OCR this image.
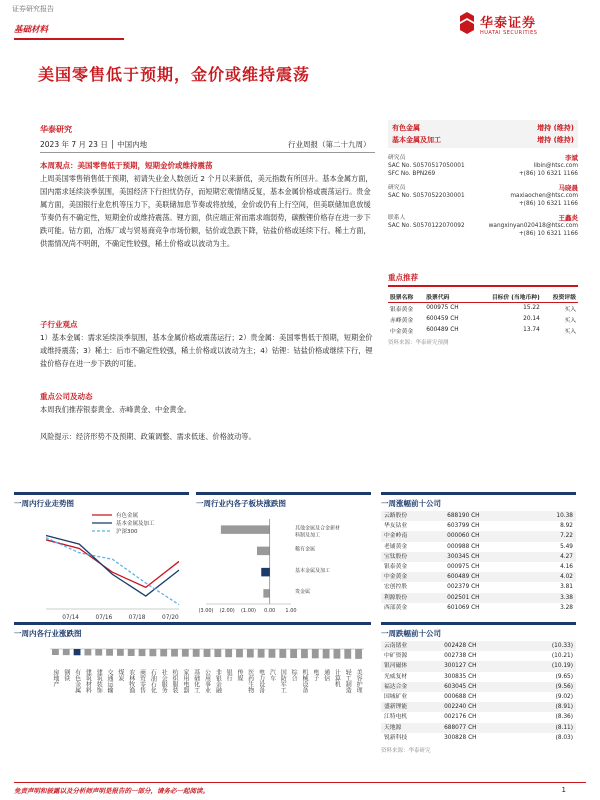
证券研究报告
基础材料	华泰证券
HUATAI SECURITIES
美国零售低于预期，金价或维持震荡
华泰研究
2023 年 7 月 23 日 │ 中国内地	行业周报（第二十九周）
有色金属	增持 (维持)
基本金属及加工	增持 (维持)
研究员	李斌
SAC No. S0570517050001	libin@htsc.com
SFC No. BPN269	+(86) 10 6321 1166
研究员	马晓晨
SAC No. S0570522030001	maxiaochen@htsc.com
+(86) 10 6321 1166
联系人	王鑫炎
SAC No. S0570122070092	wangxinyan020418@htsc.com
+(86) 10 6321 1166
重点推荐
股票名称	股票代码	目标价 (当地币种)	投资评级
银泰黄金	000975 CH	15.22	买入
赤峰黄金	600459 CH	20.14	买入
中金黄金	600489 CH	13.74	买入
资料来源：华泰研究预测
本周观点：美国零售低于预期，短期金价或维持震荡
上周美国零售销售低于预期，初请失业金人数创近 2 个月以来新低，美元指数有所回升。基本金属方面，国内需求延续淡季氛围，美国经济下行担忧仍存，而短期宏观情绪反复，基本金属价格或震荡运行。贵金属方面，美国银行业危机等压力下，美联储加息节奏或将放缓，金价或仍有上行空间，但美联储加息放缓节奏仍有不确定性，短期金价或维持震荡。锂方面，供应端正常而需求端弱势，碳酸锂价格存在进一步下跌可能。钴方面，冶炼厂或与贸易商竞争市场份额，钴价或急跌下降，钴盐价格或延续下行。稀土方面，供需情况尚不明朗，不确定性较强，稀土价格或以波动为主。
子行业观点
1）基本金属：需求延续淡季氛围，基本金属价格或震荡运行；2）贵金属：美国零售低于预期，短期金价或维持震荡；3）稀土：后市不确定性较强，稀土价格或以波动为主；4）钴锂：钴盐价格或继续下行，锂盐价格存在进一步下跌的可能。
重点公司及动态
本周我们推荐银泰黄金、赤峰黄金、中金黄金。
风险提示：经济形势不及预期、政策调整、需求低迷、价格波动等。
一周内行业走势图
有色金属
基本金属及加工
沪深300
07/14	07/16	07/18	07/20
一周行业内各子板块涨跌图
其他金属及合金新材
料制及加工
稀有金属
基本金属及加工
贵金属
(3.00) (2.00) (1.00) 0.00 1.00
一周内各行业涨跌图
房地产 钢铁 有色金属 建筑材料 建筑装饰 交通运输 煤炭 农林牧渔 商贸零售 石油石化 社会服务 纺织服装 家用电器 基础化工 公用事业 非银金融 银行 传媒 医药生物 电力设备 汽车 国防军工 综合 机械设备 电子 通信 计算机 轻工制造 美容护理
一周涨幅前十公司
云路股份	688190 CH	10.38
华友钴业	603799 CH	8.92
中金岭南	000060 CH	7.22
老铺黄金	000988 CH	5.49
宝钛股份	300345 CH	4.27
银泰黄金	000975 CH	4.16
中金黄金	600489 CH	4.02
宏创控股	002379 CH	3.81
利源股份	002501 CH	3.38
西部黄金	601069 CH	3.28
一周跌幅前十公司
云南锗业	002428 CH	(10.33)
中矿资源	002738 CH	(10.21)
银河磁体	300127 CH	(10.19)
光威复材	300835 CH	(9.65)
福达合金	603045 CH	(9.56)
国城矿业	000688 CH	(9.02)
盛新锂能	002240 CH	(8.91)
江特电机	002176 CH	(8.36)
天地源	688077 CH	(8.11)
锐新科技	300828 CH	(8.03)
资料来源：华泰研究
免责声明和披露以及分析师声明是报告的一部分，请务必一起阅读。	1
